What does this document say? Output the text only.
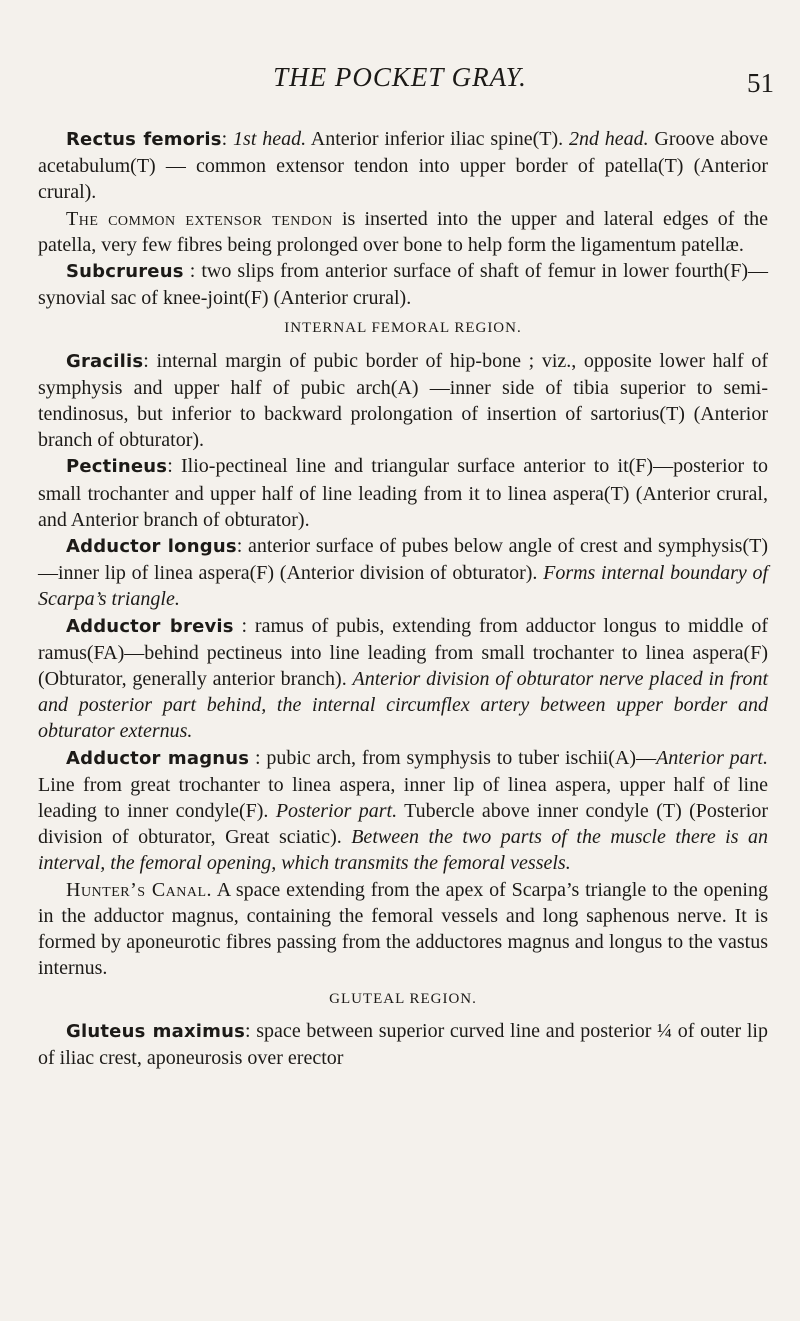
THE POCKET GRAY.	51

Rectus femoris: 1st head. Anterior inferior iliac spine(T). 2nd head. Groove above acetabulum(T) — common extensor tendon into upper border of patella(T) (Anterior crural).

The common extensor tendon is inserted into the upper and lateral edges of the patella, very few fibres being prolonged over bone to help form the ligamentum patellæ.

Subcrureus : two slips from anterior surface of shaft of femur in lower fourth(F)—synovial sac of knee-joint(F) (Anterior crural).

INTERNAL FEMORAL REGION.

Gracilis: internal margin of pubic border of hip-bone ; viz., opposite lower half of symphysis and upper half of pubic arch(A) —inner side of tibia superior to semi-tendinosus, but inferior to backward prolongation of insertion of sartorius(T) (Anterior branch of obturator).

Pectineus: Ilio-pectineal line and triangular surface anterior to it(F)—posterior to small trochanter and upper half of line leading from it to linea aspera(T) (Anterior crural, and Anterior branch of obturator).

Adductor longus: anterior surface of pubes below angle of crest and symphysis(T)—inner lip of linea aspera(F) (Anterior division of obturator). Forms internal boundary of Scarpa’s triangle.

Adductor brevis : ramus of pubis, extending from adductor longus to middle of ramus(FA)—behind pectineus into line leading from small trochanter to linea aspera(F) (Obturator, generally anterior branch). Anterior division of obturator nerve placed in front and posterior part behind, the internal circumflex artery between upper border and obturator externus.

Adductor magnus : pubic arch, from symphysis to tuber ischii(A)—Anterior part. Line from great trochanter to linea aspera, inner lip of linea aspera, upper half of line leading to inner condyle(F). Posterior part. Tubercle above inner condyle (T) (Posterior division of obturator, Great sciatic). Between the two parts of the muscle there is an interval, the femoral opening, which transmits the femoral vessels.

Hunter’s Canal. A space extending from the apex of Scarpa’s triangle to the opening in the adductor magnus, containing the femoral vessels and long saphenous nerve. It is formed by aponeurotic fibres passing from the adductores magnus and longus to the vastus internus.

GLUTEAL REGION.

Gluteus maximus: space between superior curved line and posterior ¼ of outer lip of iliac crest, aponeurosis over erector
